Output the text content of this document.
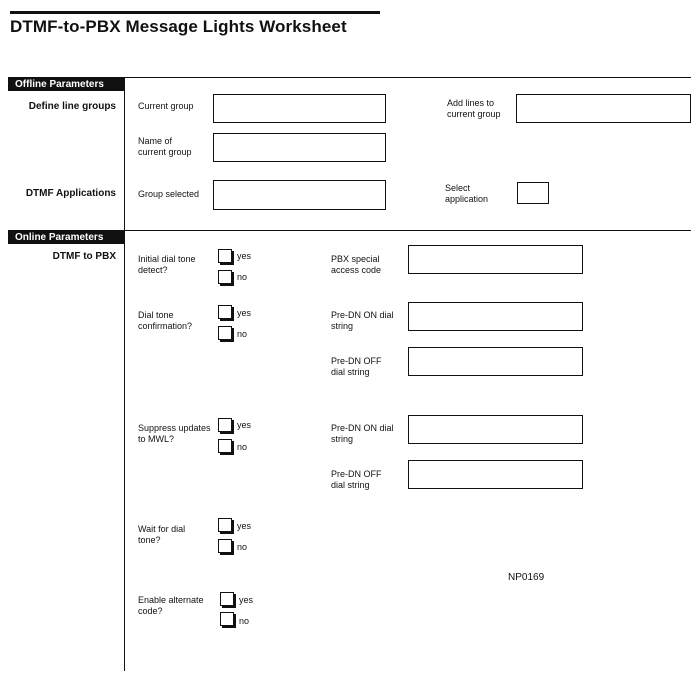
DTMF-to-PBX Message Lights Worksheet
Offline Parameters
Define line groups Current group
Name of
current group
Add lines to
current group
DTMF Applications Group selected
Select
application
Online Parameters
DTMF to PBX Initial dial tone
detect?
yes
no
Dial tone
confirmation?
yes
no
Suppress updates
to MWL?
yes
no
Wait for dial
tone?
yes
no
Enable alternate
code?
yes
no
PBX special
access code
Pre-DN ON dial
string
Pre-DN OFF
dial string
Pre-DN ON dial
string
Pre-DN OFF
dial string
NP0169
